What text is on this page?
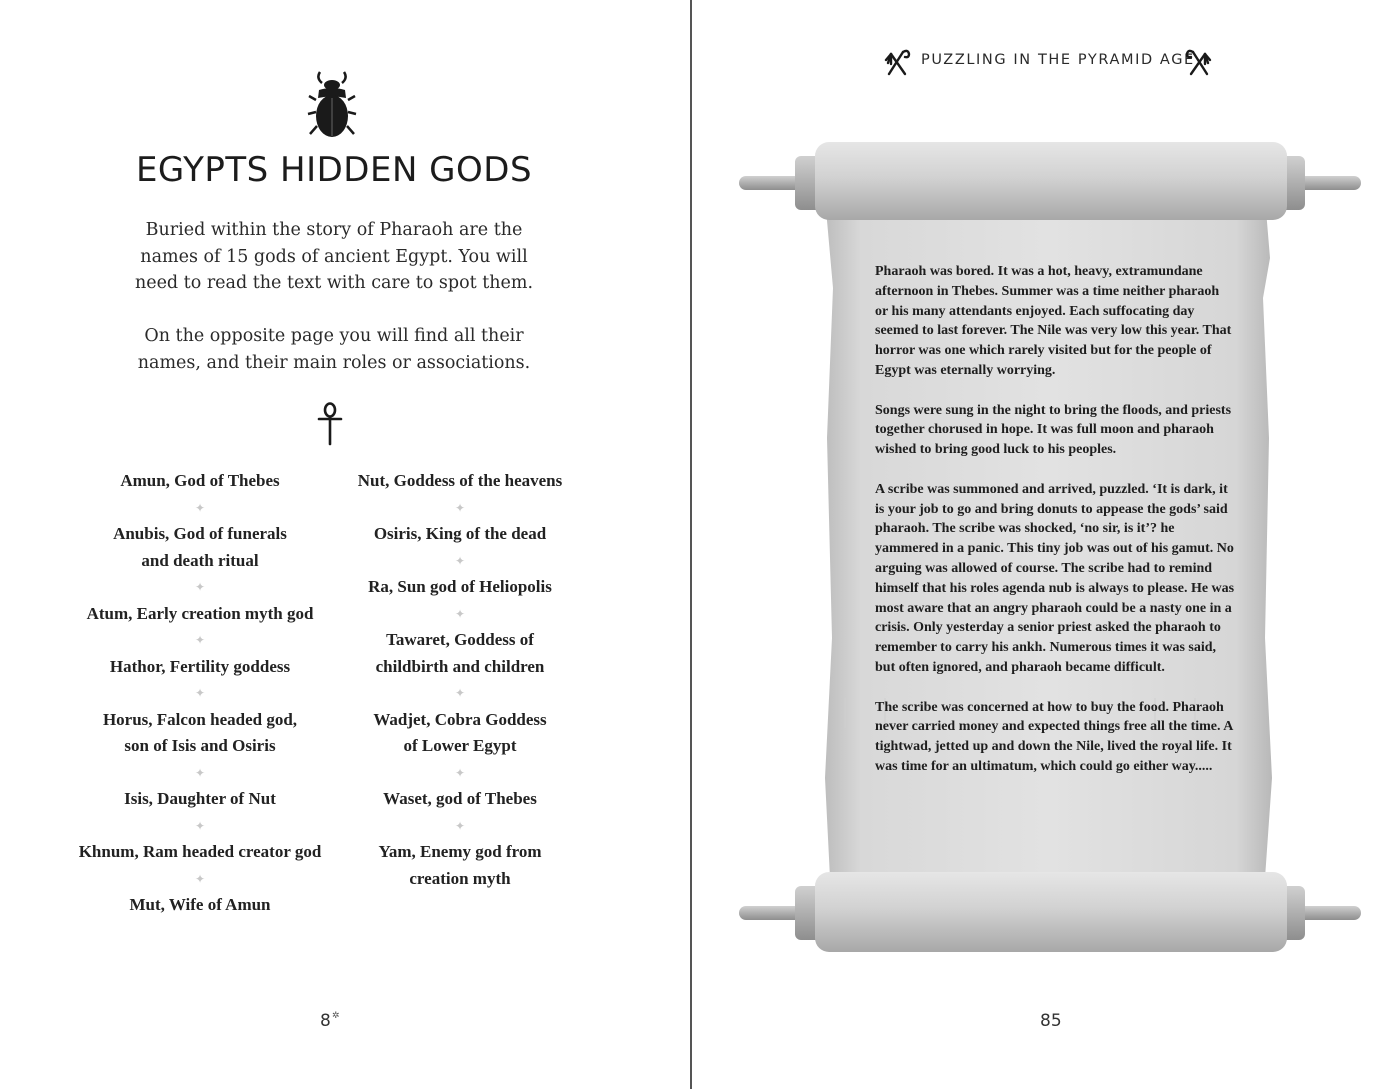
EGYPTS HIDDEN GODS

Buried within the story of Pharaoh are the names of 15 gods of ancient Egypt. You will need to read the text with care to spot them.

On the opposite page you will find all their names, and their main roles or associations.

Amun, God of Thebes
✦
Anubis, God of funerals
and death ritual
✦
Atum, Early creation myth god
✦
Hathor, Fertility goddess
✦
Horus, Falcon headed god,
son of Isis and Osiris
✦
Isis, Daughter of Nut
✦
Khnum, Ram headed creator god
✦
Mut, Wife of Amun
Nut, Goddess of the heavens
✦
Osiris, King of the dead
✦
Ra, Sun god of Heliopolis
✦
Tawaret, Goddess of
childbirth and children
✦
Wadjet, Cobra Goddess
of Lower Egypt
✦
Waset, god of Thebes
✦
Yam, Enemy god from
creation myth
8✲
PUZZLING IN THE PYRAMID AGE

Pharaoh was bored. It was a hot, heavy, extramundane afternoon in Thebes. Summer was a time neither pharaoh or his many attendants enjoyed. Each suffocating day seemed to last forever. The Nile was very low this year. That horror was one which rarely visited but for the people of Egypt was eternally worrying.

Songs were sung in the night to bring the floods, and priests together chorused in hope. It was full moon and pharaoh wished to bring good luck to his peoples.

A scribe was summoned and arrived, puzzled. ‘It is dark, it is your job to go and bring donuts to appease the gods’ said pharaoh. The scribe was shocked, ‘no sir, is it’? he yammered in a panic. This tiny job was out of his gamut. No arguing was allowed of course. The scribe had to remind himself that his roles agenda nub is always to please. He was most aware that an angry pharaoh could be a nasty one in a crisis. Only yesterday a senior priest asked the pharaoh to remember to carry his ankh. Numerous times it was said, but often ignored, and pharaoh became difficult.

The scribe was concerned at how to buy the food. Pharaoh never carried money and expected things free all the time. A tightwad, jetted up and down the Nile, lived the royal life. It was time for an ultimatum, which could go either way.....

85
